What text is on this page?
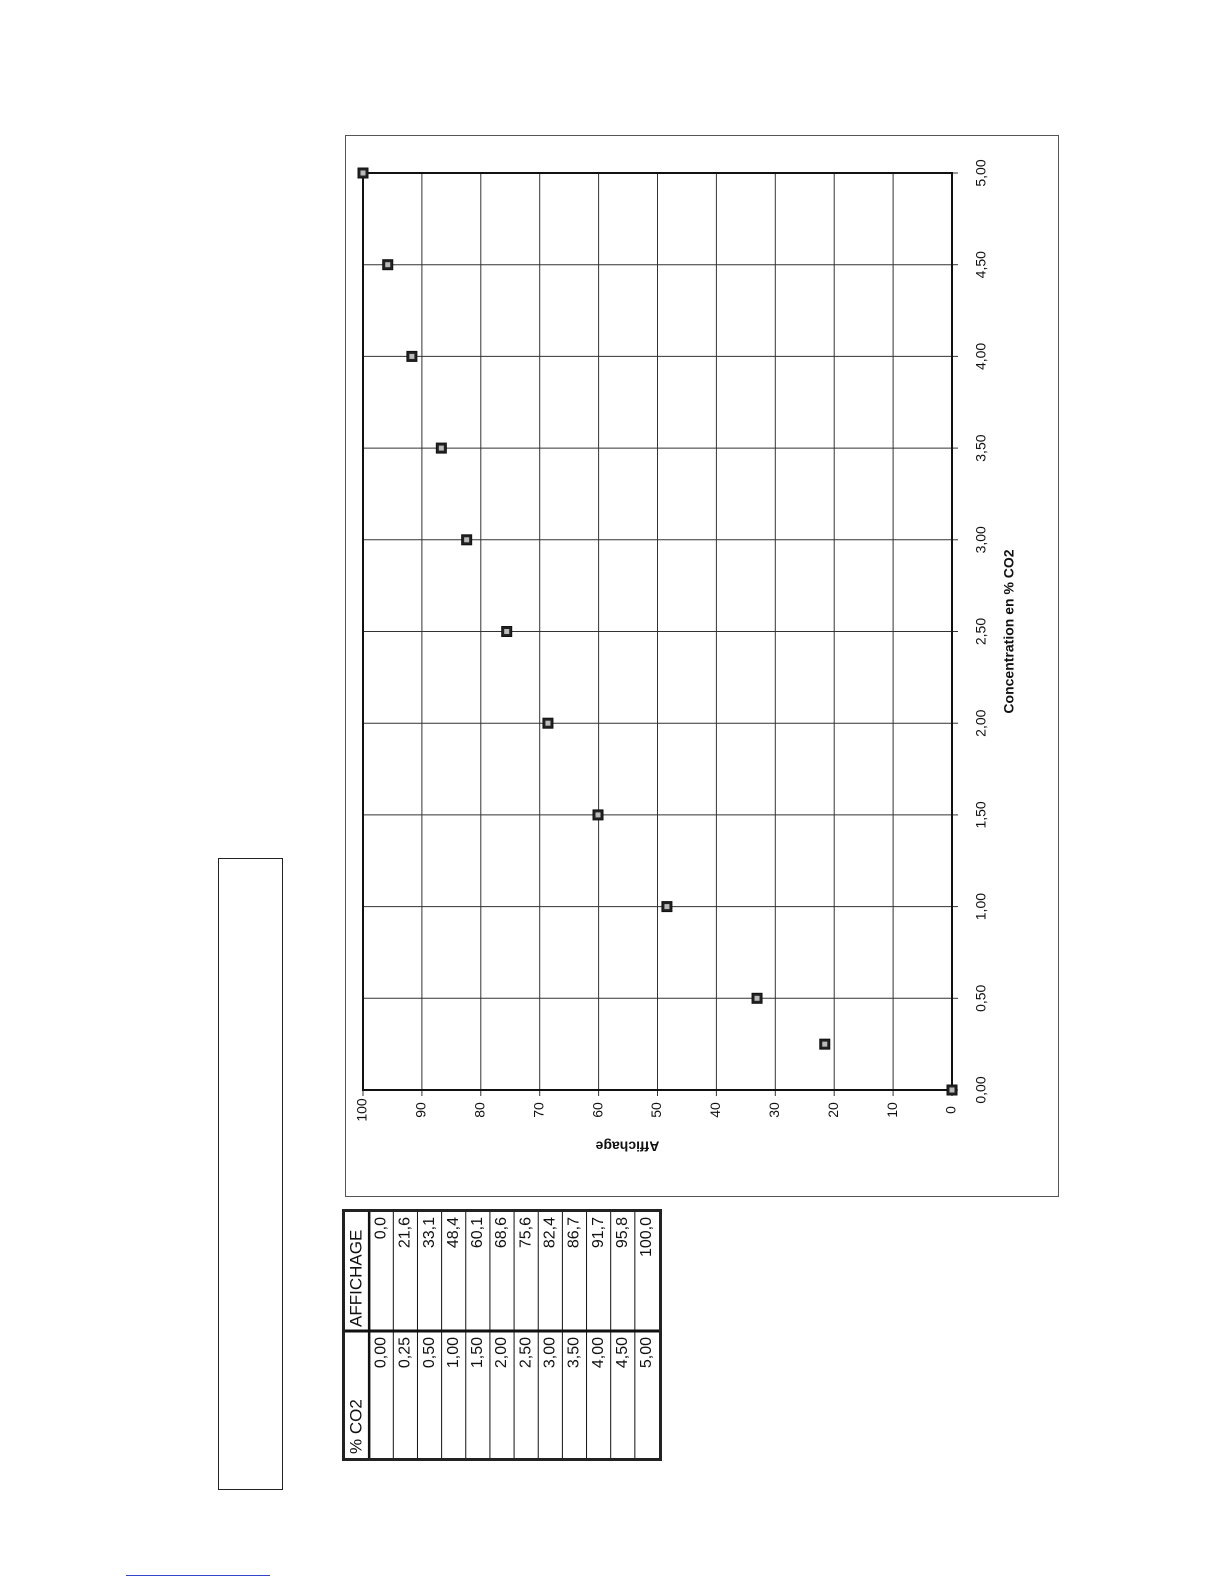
0,00
0,50
1,00
1,50
2,00
2,50
3,00
3,50
4,00
4,50
5,00
0
10
20
30
40
50
60
70
80
90
100
Concentration en % CO2
Affichage
% CO2
AFFICHAGE
0,00
0,0
0,25
21,6
0,50
33,1
1,00
48,4
1,50
60,1
2,00
68,6
2,50
75,6
3,00
82,4
3,50
86,7
4,00
91,7
4,50
95,8
5,00
100,0
